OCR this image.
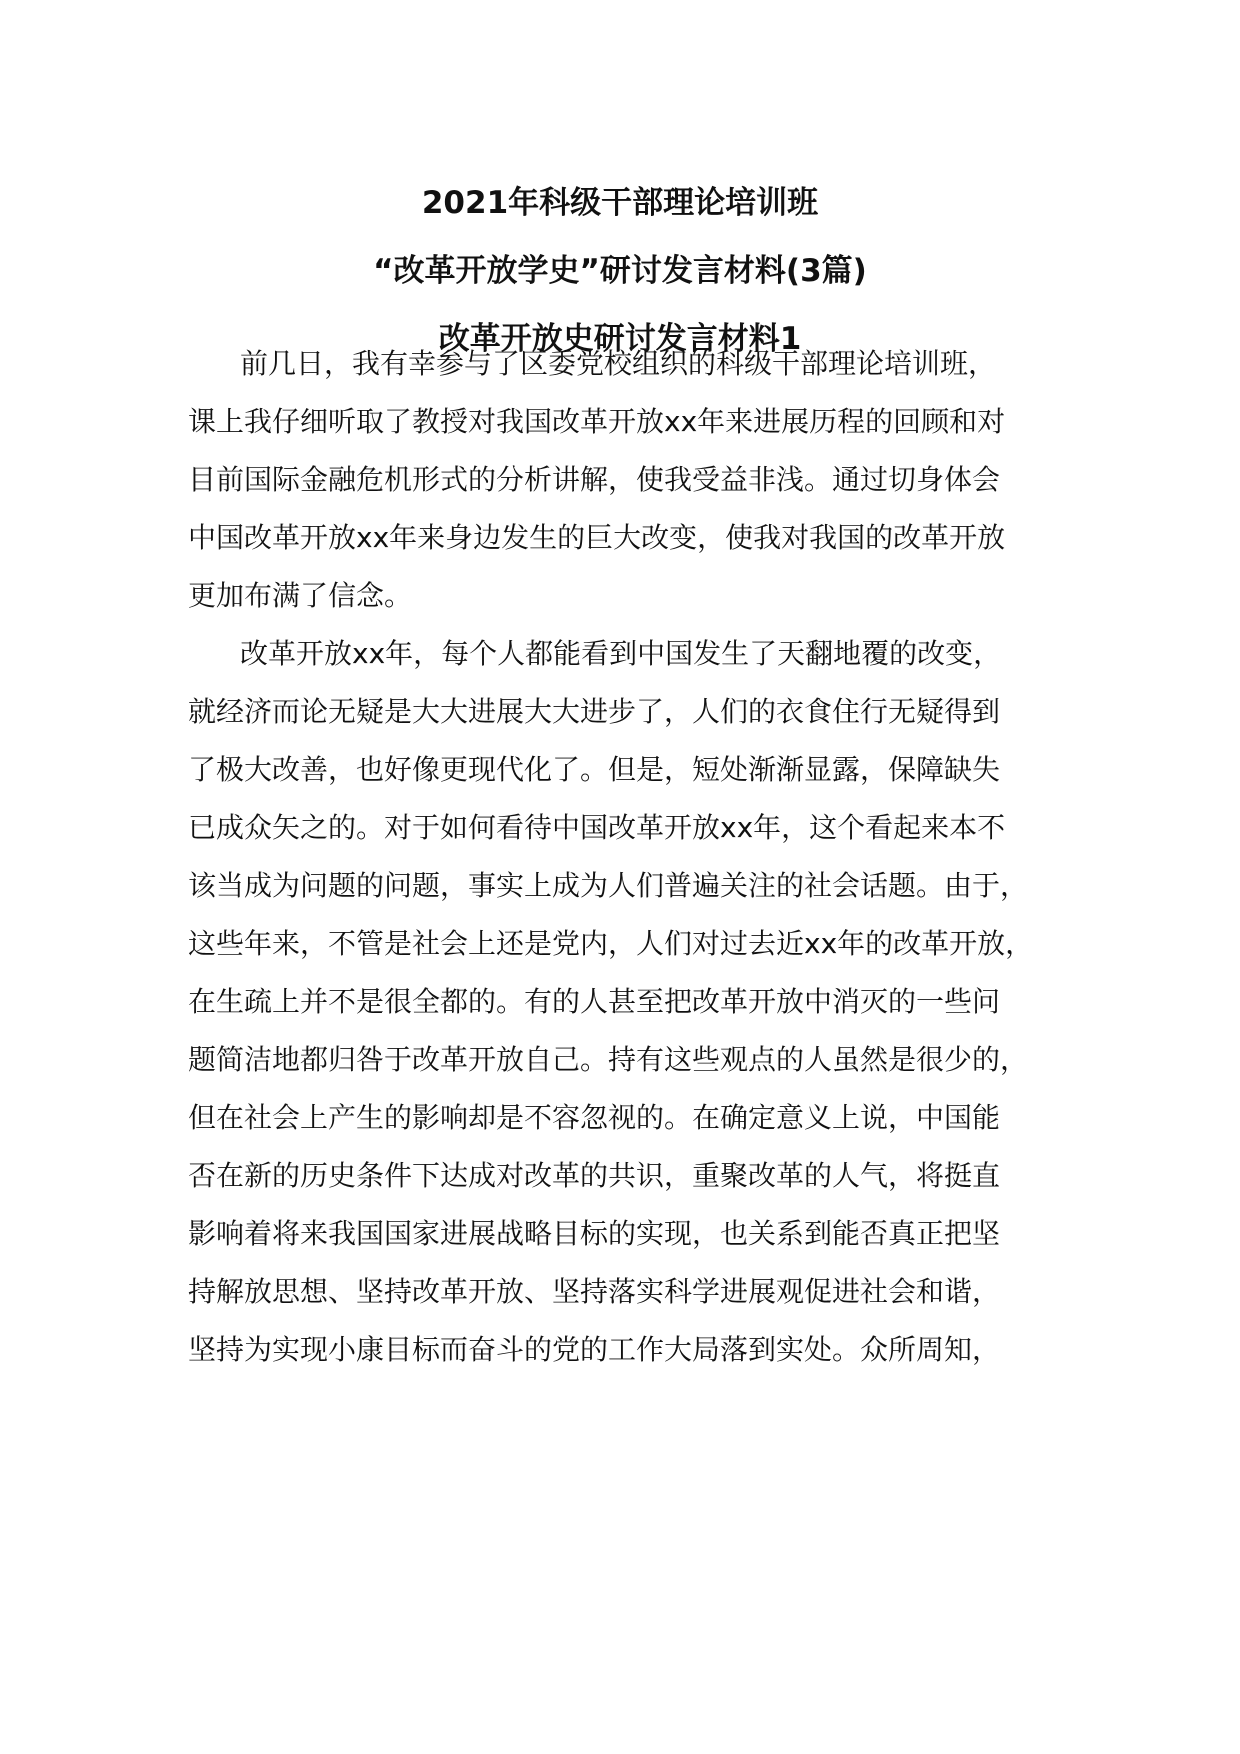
2021年科级干部理论培训班
“改革开放学史”研讨发言材料(3篇)
改革开放史研讨发言材料1
前几日，我有幸参与了区委党校组织的科级干部理论培训班，
课上我仔细听取了教授对我国改革开放xx年来进展历程的回顾和对
目前国际金融危机形式的分析讲解，使我受益非浅。通过切身体会
中国改革开放xx年来身边发生的巨大改变，使我对我国的改革开放
更加布满了信念。
改革开放xx年，每个人都能看到中国发生了天翻地覆的改变，
就经济而论无疑是大大进展大大进步了，人们的衣食住行无疑得到
了极大改善，也好像更现代化了。但是，短处渐渐显露，保障缺失
已成众矢之的。对于如何看待中国改革开放xx年，这个看起来本不
该当成为问题的问题，事实上成为人们普遍关注的社会话题。由于，
这些年来，不管是社会上还是党内，人们对过去近xx年的改革开放，
在生疏上并不是很全都的。有的人甚至把改革开放中消灭的一些问
题简洁地都归咎于改革开放自己。持有这些观点的人虽然是很少的，
但在社会上产生的影响却是不容忽视的。在确定意义上说，中国能
否在新的历史条件下达成对改革的共识，重聚改革的人气，将挺直
影响着将来我国国家进展战略目标的实现，也关系到能否真正把坚
持解放思想、坚持改革开放、坚持落实科学进展观促进社会和谐，
坚持为实现小康目标而奋斗的党的工作大局落到实处。众所周知，
